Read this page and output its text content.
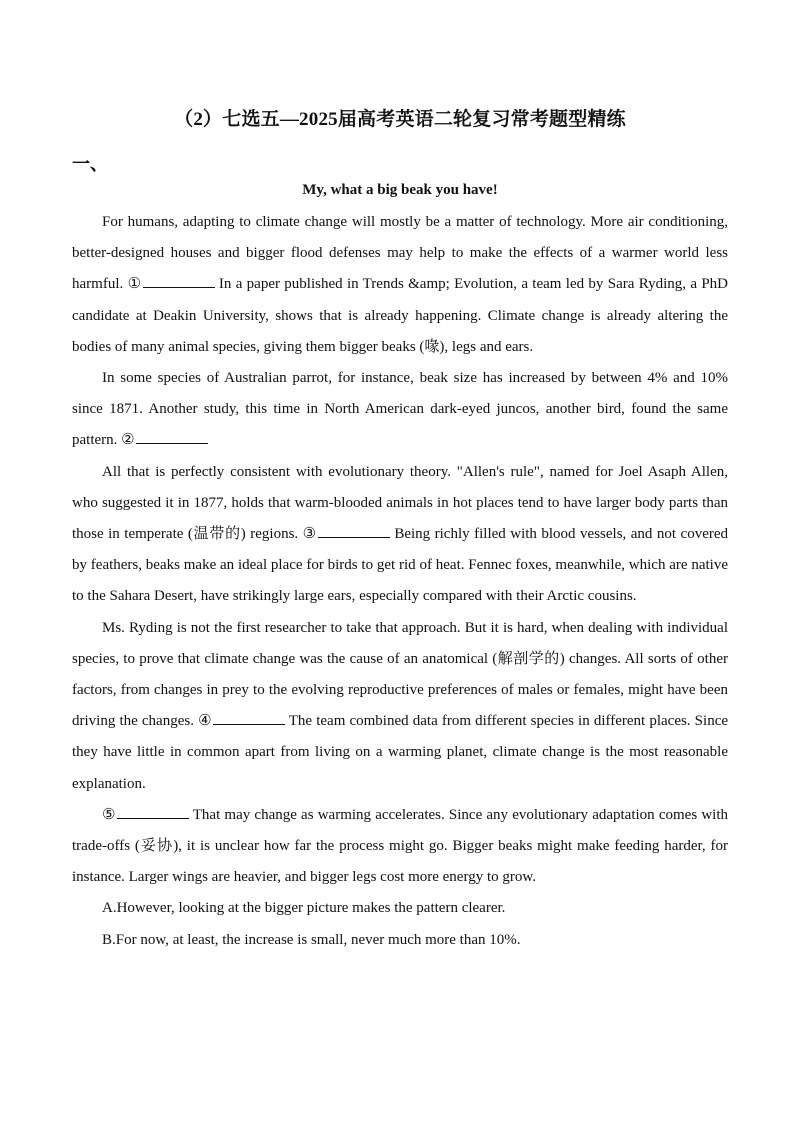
（2）七选五—2025届高考英语二轮复习常考题型精练
一、
My, what a big beak you have!

For humans, adapting to climate change will mostly be a matter of technology. More air conditioning, better-designed houses and bigger flood defenses may help to make the effects of a warmer world less harmful. ①	In a paper published in Trends &amp; Evolution, a team led by Sara Ryding, a PhD candidate at Deakin University, shows that is already happening. Climate change is already altering the bodies of many animal species, giving them bigger beaks (喙), legs and ears.

In some species of Australian parrot, for instance, beak size has increased by between 4% and 10% since 1871. Another study, this time in North American dark-eyed juncos, another bird, found the same pattern. ②

All that is perfectly consistent with evolutionary theory. "Allen's rule", named for Joel Asaph Allen, who suggested it in 1877, holds that warm-blooded animals in hot places tend to have larger body parts than those in temperate (温带的) regions. ③	Being richly filled with blood vessels, and not covered by feathers, beaks make an ideal place for birds to get rid of heat. Fennec foxes, meanwhile, which are native to the Sahara Desert, have strikingly large ears, especially compared with their Arctic cousins.

Ms. Ryding is not the first researcher to take that approach. But it is hard, when dealing with individual species, to prove that climate change was the cause of an anatomical (解剖学的) changes. All sorts of other factors, from changes in prey to the evolving reproductive preferences of males or females, might have been driving the changes. ④	The team combined data from different species in different places. Since they have little in common apart from living on a warming planet, climate change is the most reasonable explanation.

⑤	That may change as warming accelerates. Since any evolutionary adaptation comes with trade-offs (妥协), it is unclear how far the process might go. Bigger beaks might make feeding harder, for instance. Larger wings are heavier, and bigger legs cost more energy to grow.

A.However, looking at the bigger picture makes the pattern clearer.

B.For now, at least, the increase is small, never much more than 10%.
